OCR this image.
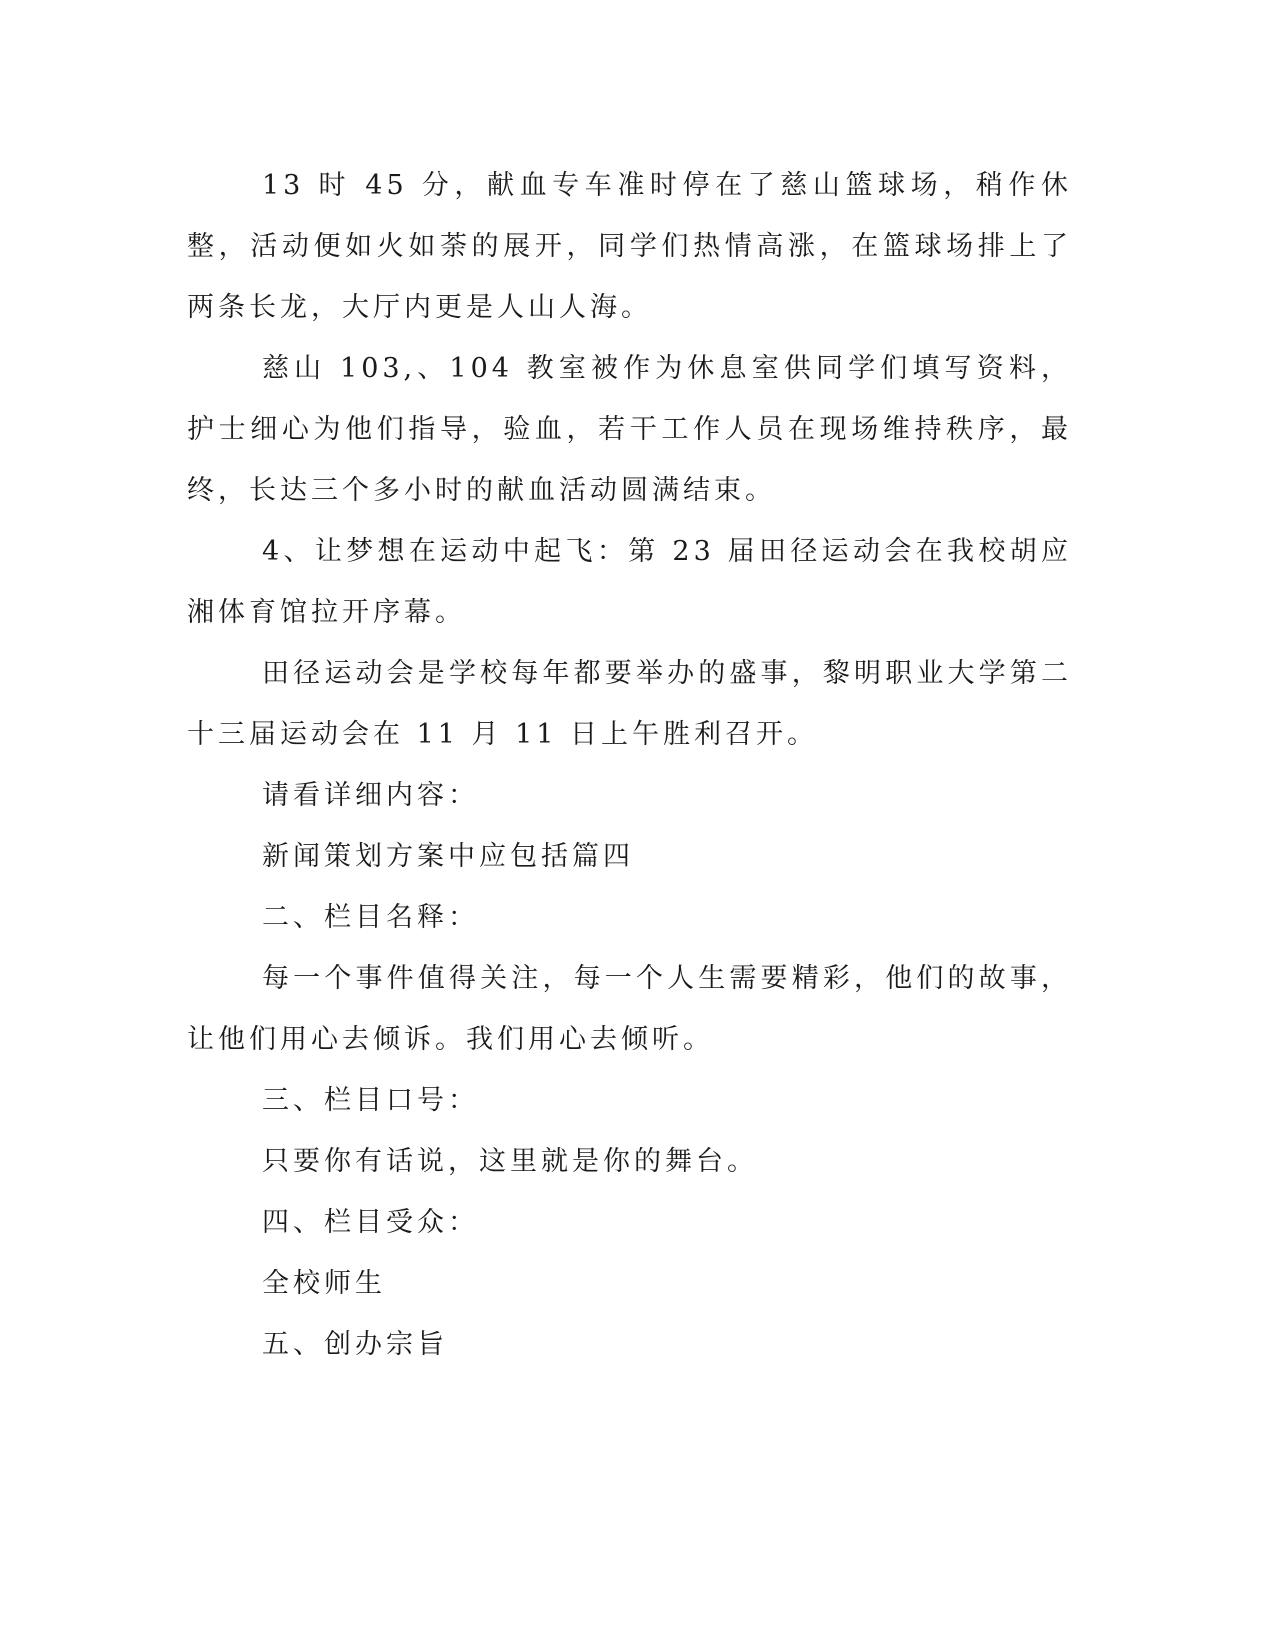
13 时 45 分，献血专车准时停在了慈山篮球场，稍作休整，活动便如火如荼的展开，同学们热情高涨，在篮球场排上了两条长龙，大厅内更是人山人海。

慈山 103,、104 教室被作为休息室供同学们填写资料，护士细心为他们指导，验血，若干工作人员在现场维持秩序，最终，长达三个多小时的献血活动圆满结束。

4、让梦想在运动中起飞：第 23 届田径运动会在我校胡应湘体育馆拉开序幕。

田径运动会是学校每年都要举办的盛事，黎明职业大学第二十三届运动会在 11 月 11 日上午胜利召开。

请看详细内容：

新闻策划方案中应包括篇四

二、栏目名释：

每一个事件值得关注，每一个人生需要精彩，他们的故事，让他们用心去倾诉。我们用心去倾听。

三、栏目口号：

只要你有话说，这里就是你的舞台。

四、栏目受众：

全校师生

五、创办宗旨
